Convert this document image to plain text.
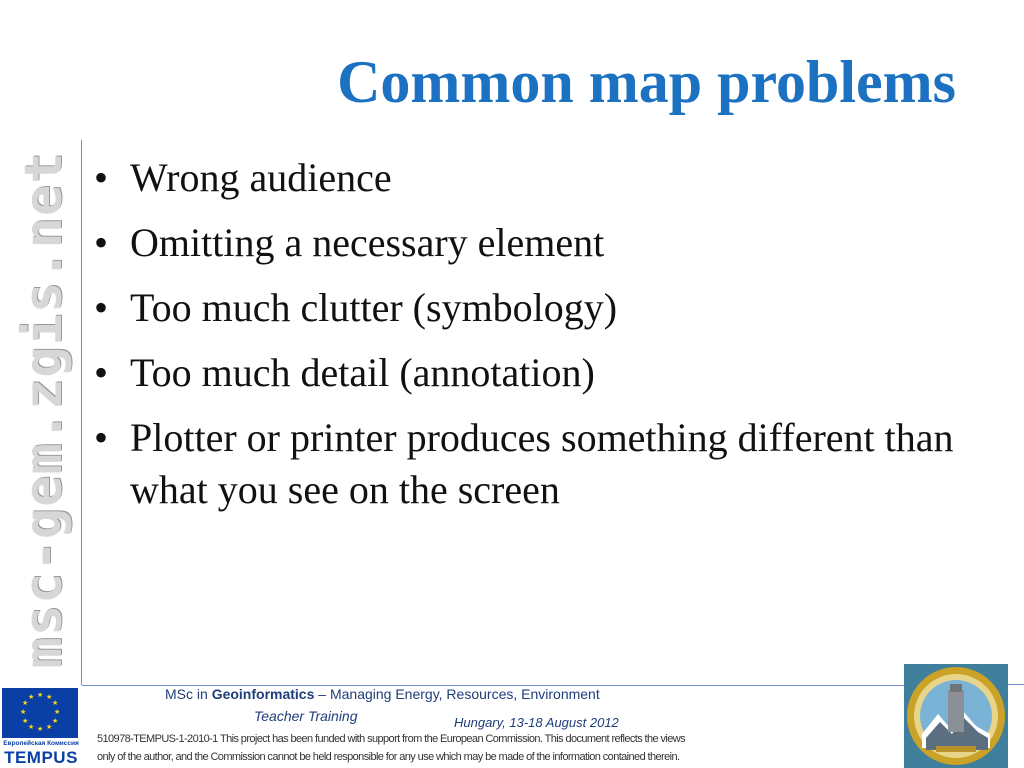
msc-gem.zgis.net
Common map problems
• Wrong audience
• Omitting a necessary element
• Too much clutter (symbology)
• Too much detail (annotation)
• Plotter or printer produces something different than what you see on the screen
★ ★
★
★
★
★
★
★
★
★
★
★
Европейская Комиссия
TEMPUS
MSc in Geoinformatics – Managing Energy, Resources, Environment
Teacher Training	Hungary, 13-18 August 2012
510978-TEMPUS-1-2010-1 This project has been funded with support from the European Commission. This document reflects the views
only of the author, and the Commission cannot be held responsible for any use which may be made of the information contained therein.
